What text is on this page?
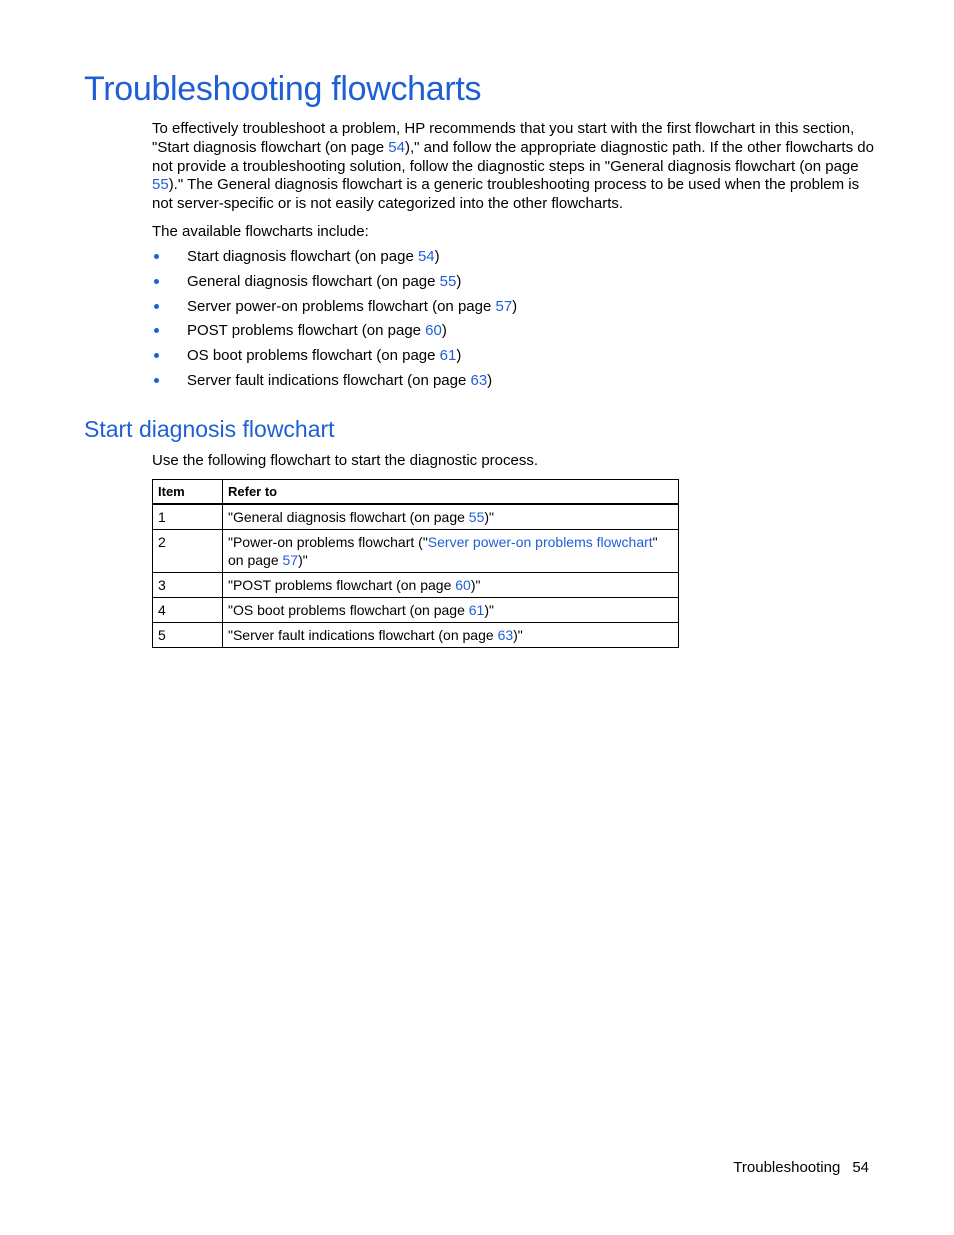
Troubleshooting flowcharts

To effectively troubleshoot a problem, HP recommends that you start with the first flowchart in this section, "Start diagnosis flowchart (on page 54)," and follow the appropriate diagnostic path. If the other flowcharts do not provide a troubleshooting solution, follow the diagnostic steps in "General diagnosis flowchart (on page 55)." The General diagnosis flowchart is a generic troubleshooting process to be used when the problem is not server-specific or is not easily categorized into the other flowcharts.

The available flowcharts include:

Start diagnosis flowchart (on page 54)
General diagnosis flowchart (on page 55)
Server power-on problems flowchart (on page 57)
POST problems flowchart (on page 60)
OS boot problems flowchart (on page 61)
Server fault indications flowchart (on page 63)
Start diagnosis flowchart

Use the following flowchart to start the diagnostic process.

Item	Refer to
1	"General diagnosis flowchart (on page 55)"
2	"Power-on problems flowchart ("Server power-on problems flowchart" on page 57)"
3	"POST problems flowchart (on page 60)"
4	"OS boot problems flowchart (on page 61)"
5	"Server fault indications flowchart (on page 63)"
Troubleshooting 54
